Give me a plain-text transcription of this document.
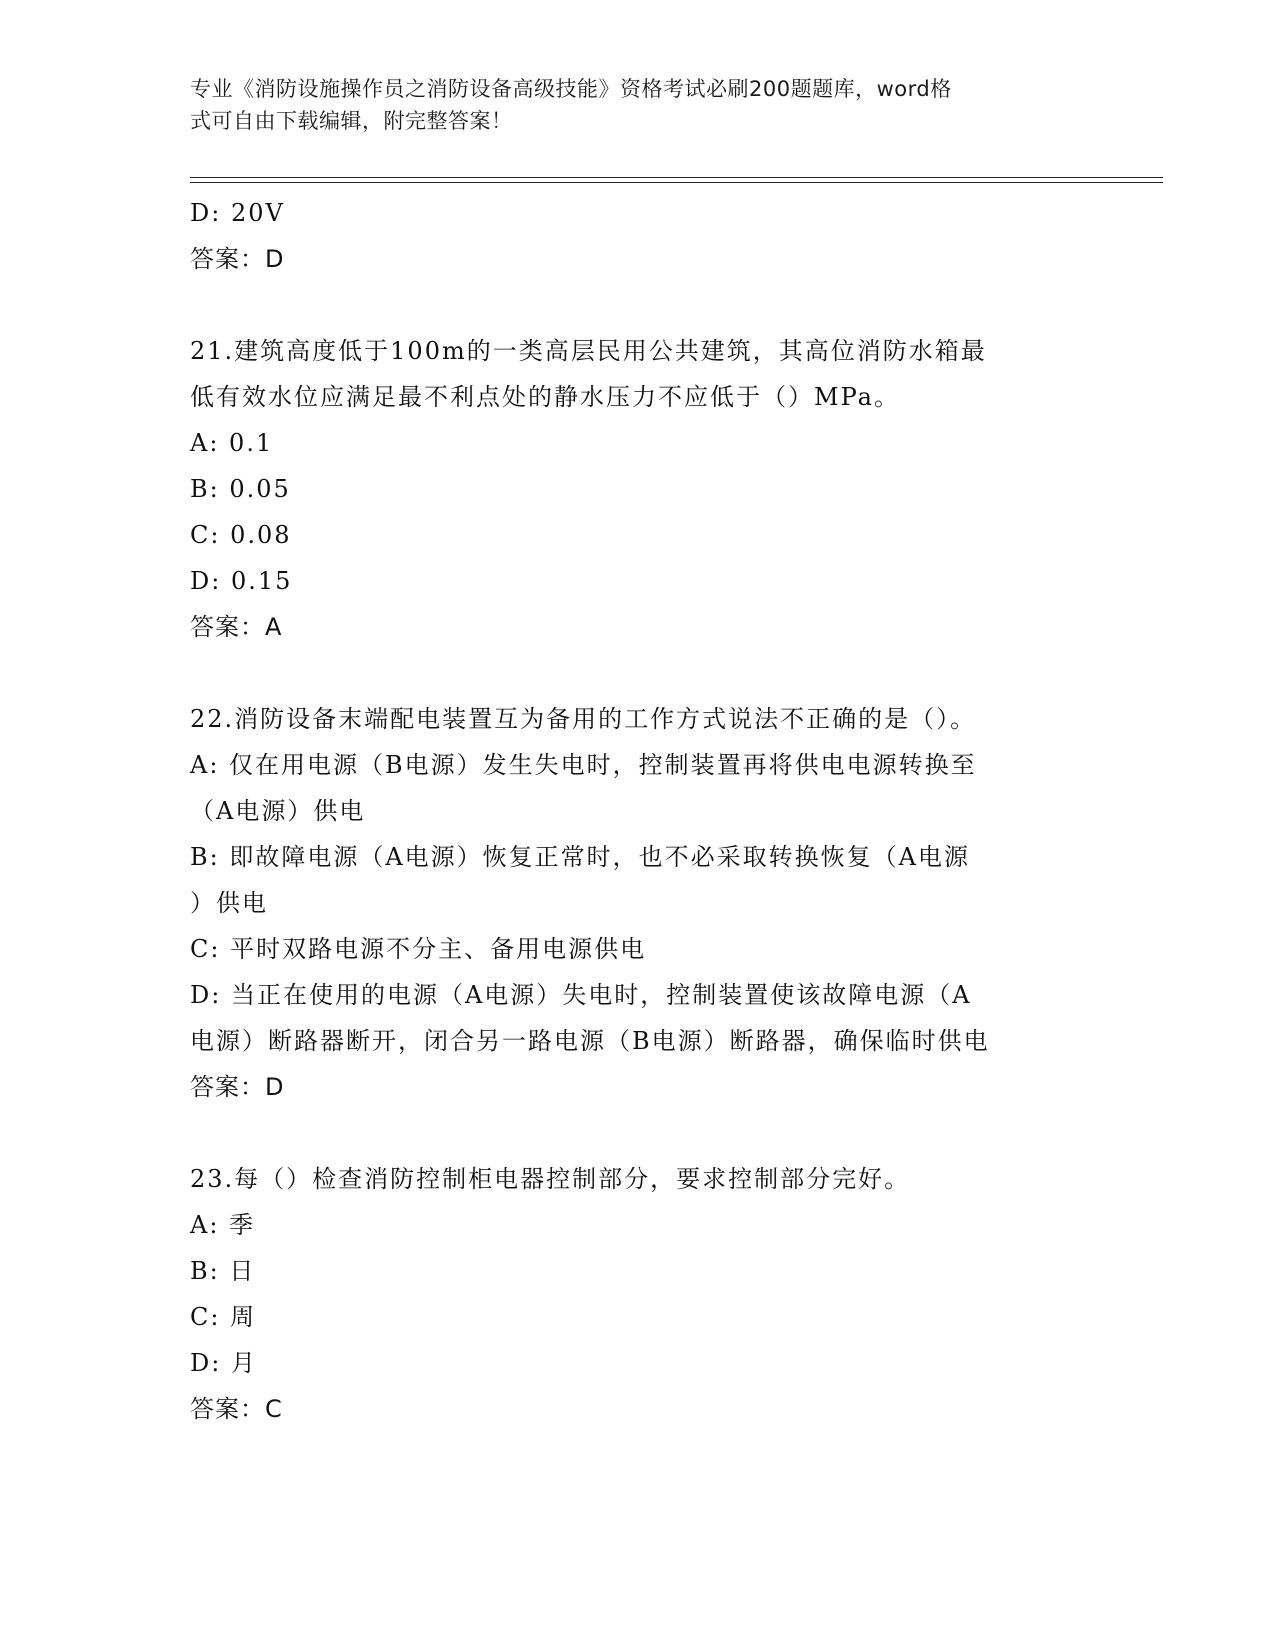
专业《消防设施操作员之消防设备高级技能》资格考试必刷200题题库，word格
式可自由下载编辑，附完整答案！
D: 20V
答案：D
21.建筑高度低于100m的一类高层民用公共建筑，其高位消防水箱最
低有效水位应满足最不利点处的静水压力不应低于（）MPa。
A: 0.1
B: 0.05
C: 0.08
D: 0.15
答案：A
22.消防设备末端配电装置互为备用的工作方式说法不正确的是（）。
A: 仅在用电源（B电源）发生失电时，控制装置再将供电电源转换至
（A电源）供电
B: 即故障电源（A电源）恢复正常时，也不必采取转换恢复（A电源
）供电
C: 平时双路电源不分主、备用电源供电
D: 当正在使用的电源（A电源）失电时，控制装置使该故障电源（A
电源）断路器断开，闭合另一路电源（B电源）断路器，确保临时供电
答案：D
23.每（）检查消防控制柜电器控制部分，要求控制部分完好。
A: 季
B: 日
C: 周
D: 月
答案：C
